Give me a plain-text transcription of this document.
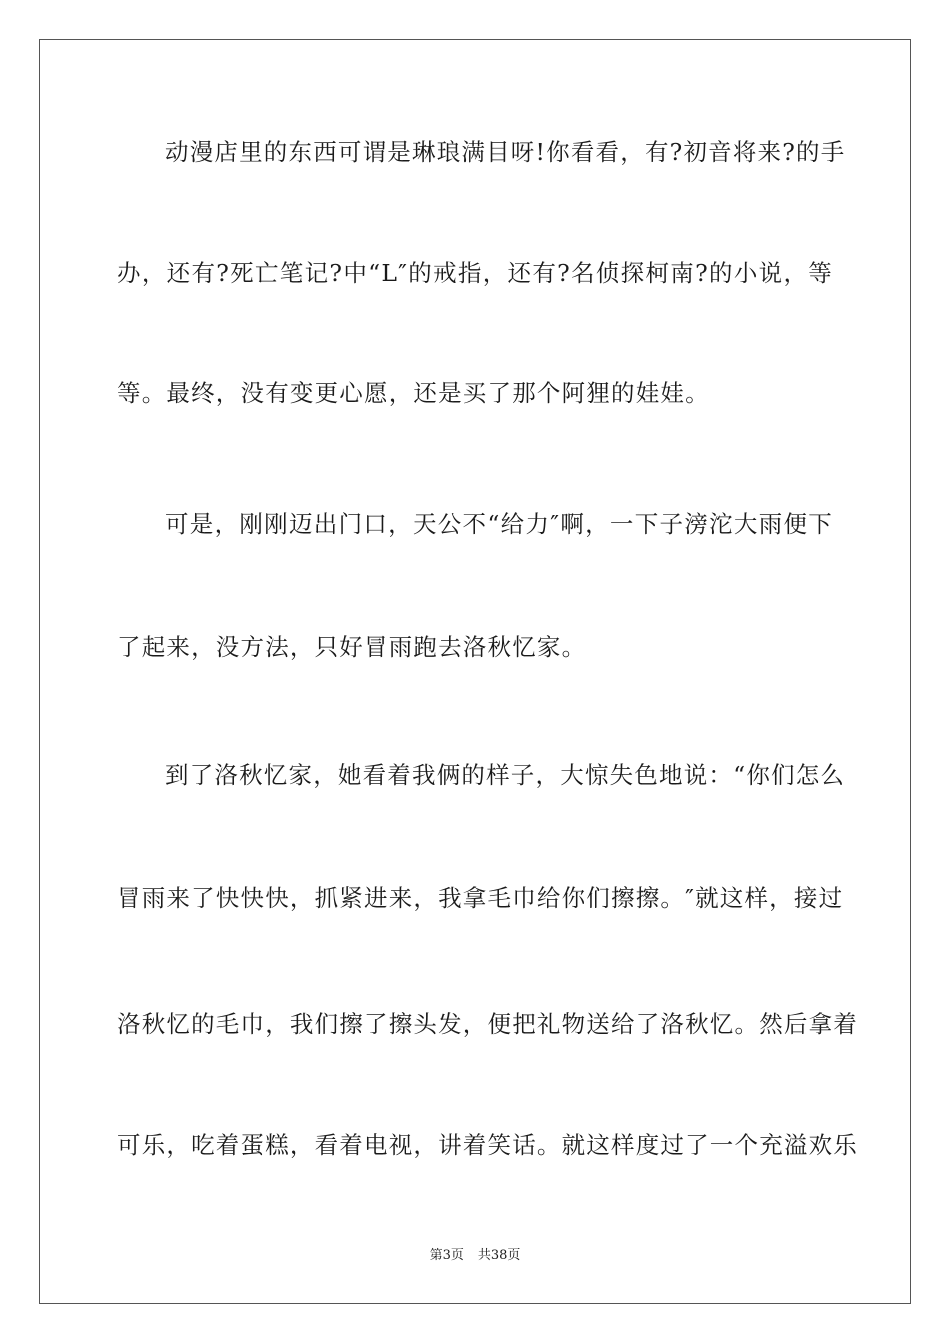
动漫店里的东西可谓是琳琅满目呀!你看看，有?初音将来?的手
办，还有?死亡笔记?中“L″的戒指，还有?名侦探柯南?的小说，等
等。最终，没有变更心愿，还是买了那个阿狸的娃娃。
可是，刚刚迈出门口，天公不“给力″啊，一下子滂沱大雨便下
了起来，没方法，只好冒雨跑去洛秋忆家。
到了洛秋忆家，她看着我俩的样子，大惊失色地说：“你们怎么
冒雨来了快快快，抓紧进来，我拿毛巾给你们擦擦。″就这样，接过
洛秋忆的毛巾，我们擦了擦头发，便把礼物送给了洛秋忆。然后拿着
可乐，吃着蛋糕，看着电视，讲着笑话。就这样度过了一个充溢欢乐
第3页 共38页
